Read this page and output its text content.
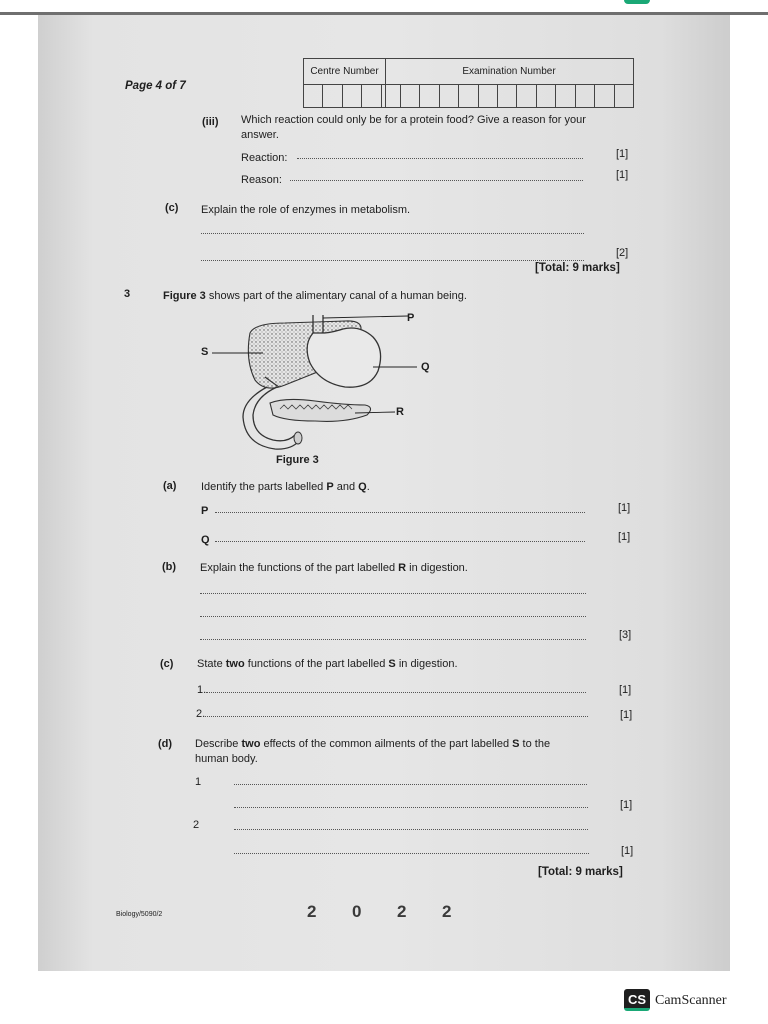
Page 4 of 7
Centre Number	Examination Number
(iii) Which reaction could only be for a protein food? Give a reason for your
answer.
Reaction:	[1]
Reason:	[1]
(c) Explain the role of enzymes in metabolism.
[2]
[Total: 9 marks]
3	Figure 3 shows part of the alimentary canal of a human being.
P
S
Q
R
Figure 3
(a) Identify the parts labelled P and Q.
P	[1]
Q	[1]
(b) Explain the functions of the part labelled R in digestion.
[3]
(c) State two functions of the part labelled S in digestion.
1.	[1]
2.	[1]
(d) Describe two effects of the common ailments of the part labelled S to the
human body.
1
[1]
2
[1]
[Total: 9 marks]
Biology/5090/2	2 0 2 2
CS CamScanner
